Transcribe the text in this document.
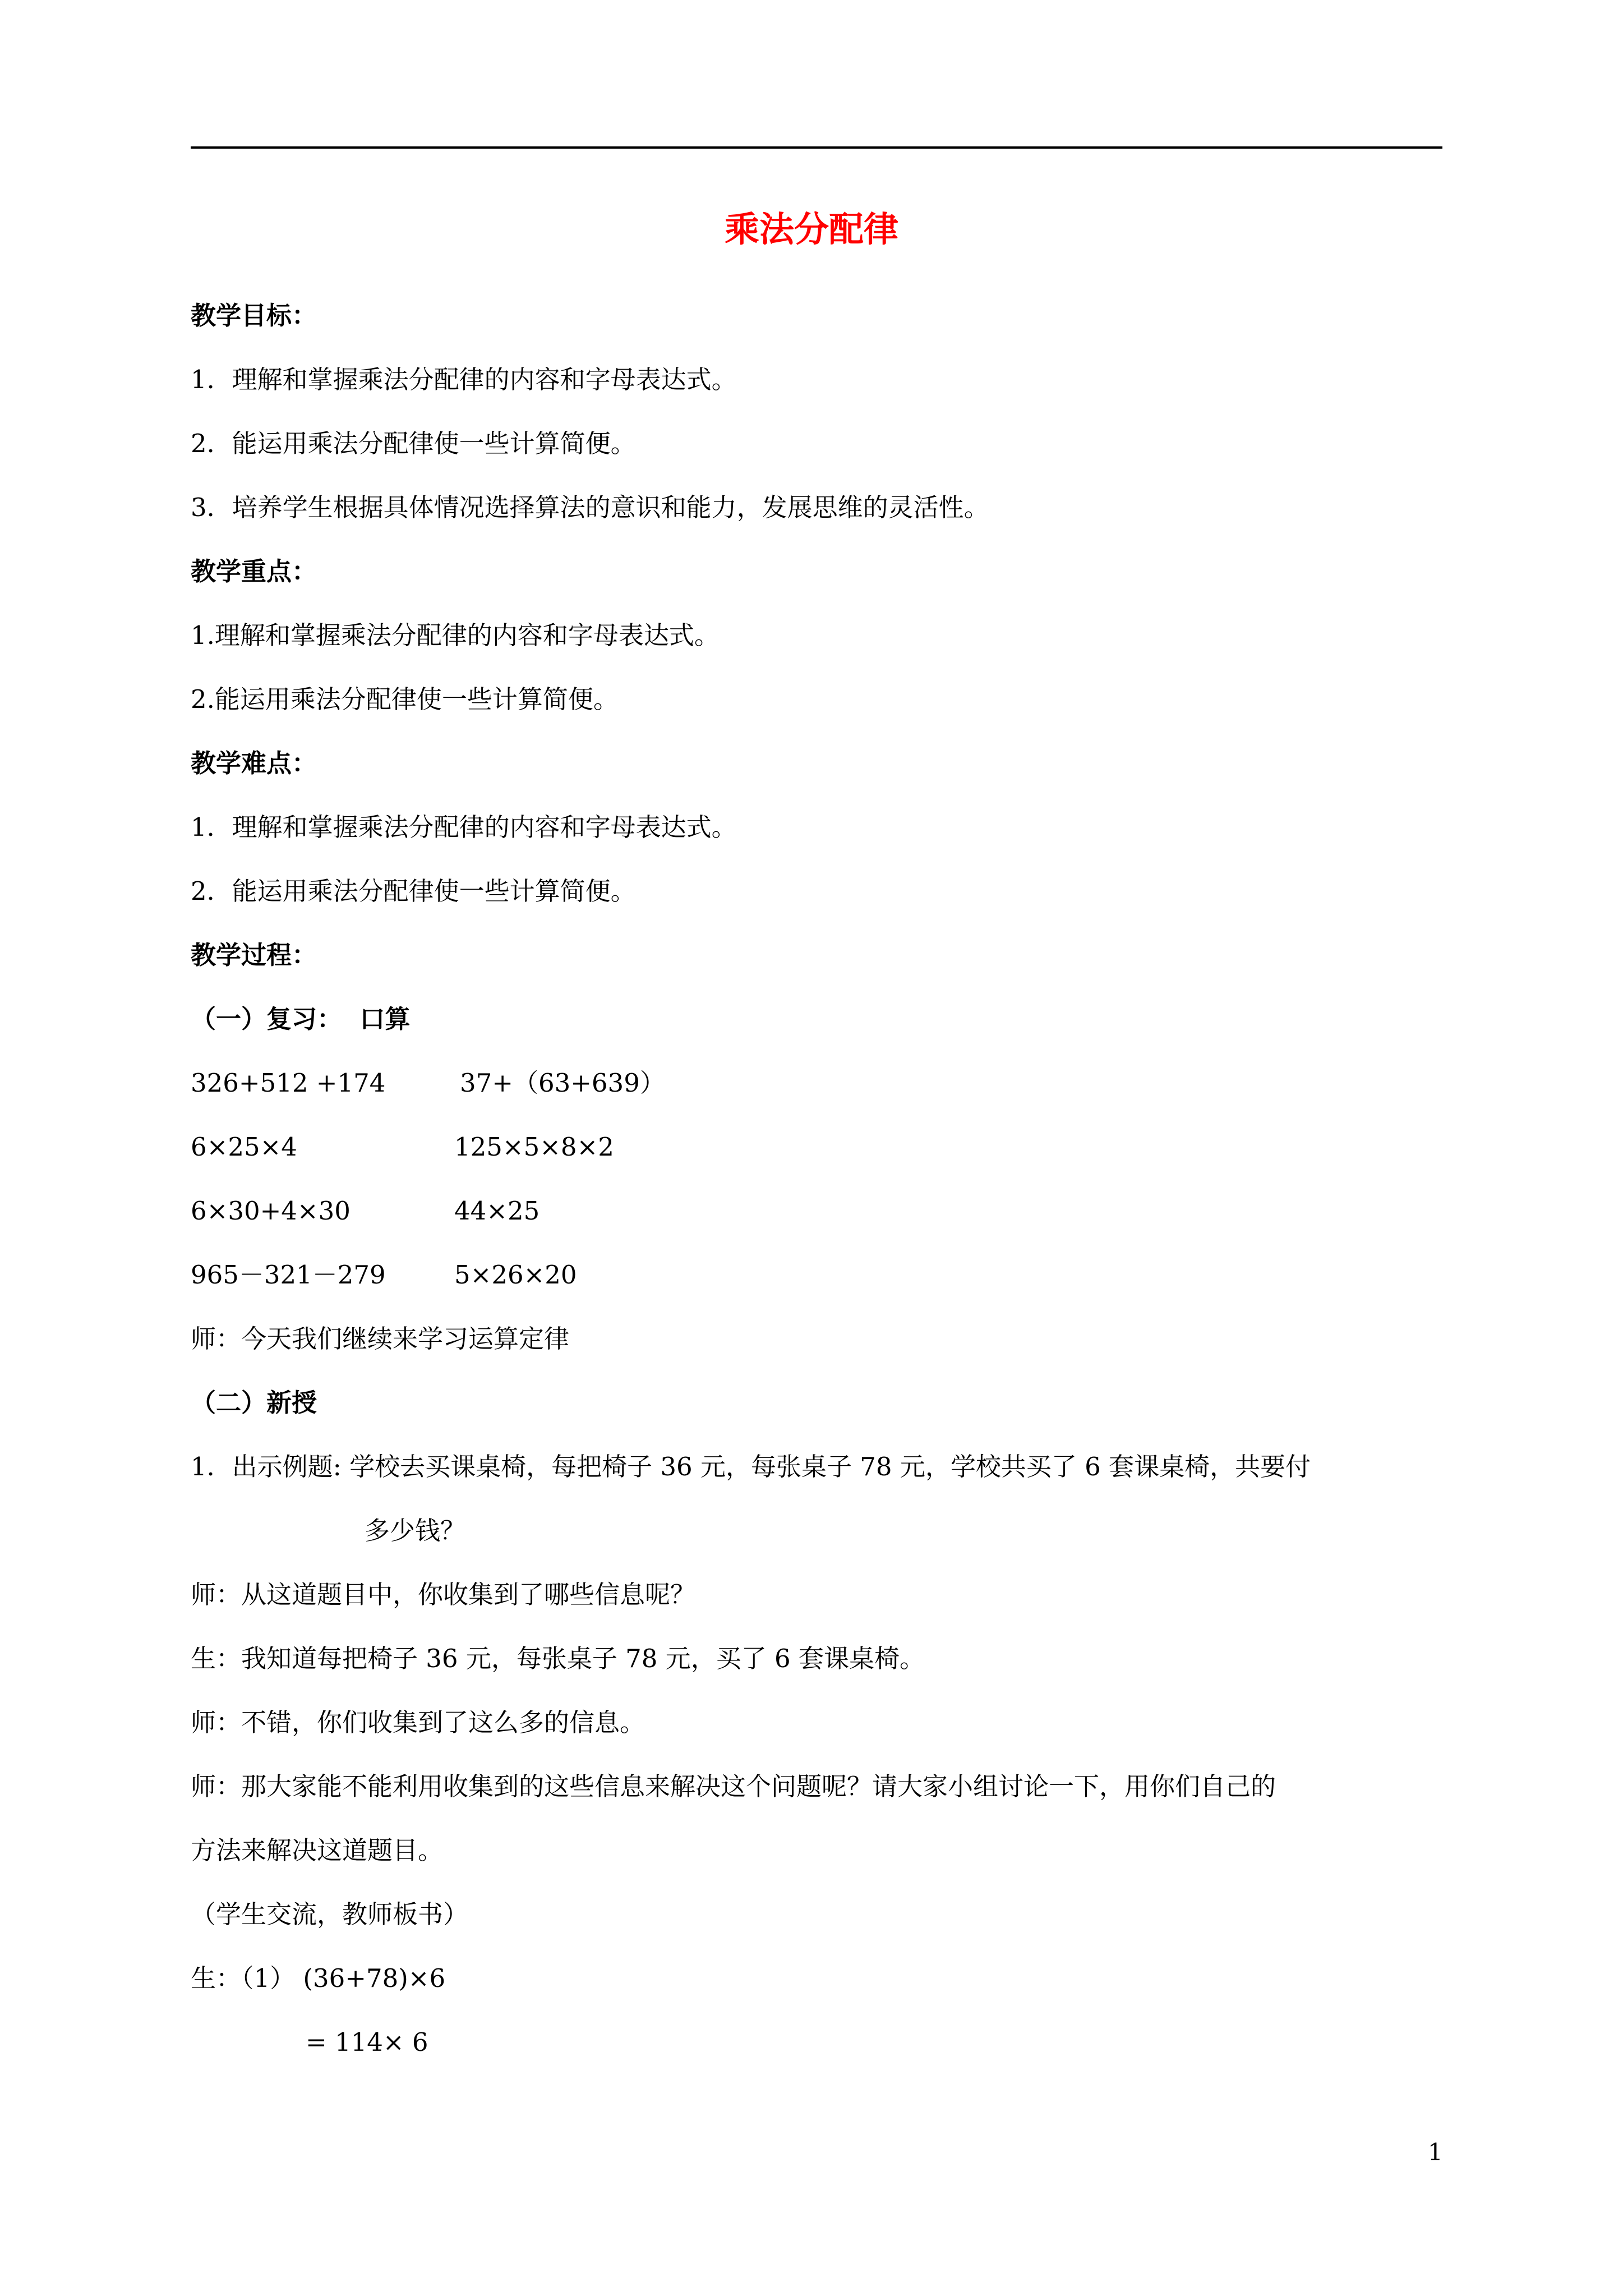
乘法分配律
教学目标：
1．理解和掌握乘法分配律的内容和字母表达式。
2．能运用乘法分配律使一些计算简便。
3．培养学生根据具体情况选择算法的意识和能力，发展思维的灵活性。
教学重点：
1.理解和掌握乘法分配律的内容和字母表达式。
2.能运用乘法分配律使一些计算简便。
教学难点：
1．理解和掌握乘法分配律的内容和字母表达式。
2．能运用乘法分配律使一些计算简便。
教学过程：
（一）复习：  口算
326+512 +174	37+（63+639）
6×25×4	125×5×8×2
6×30+4×30	44×25
965－321－279	5×26×20
师：今天我们继续来学习运算定律
（二）新授
1．出示例题: 学校去买课桌椅，每把椅子 36 元，每张桌子 78 元，学校共买了 6 套课桌椅，共要付
多少钱？
师：从这道题目中，你收集到了哪些信息呢？
生：我知道每把椅子 36 元，每张桌子 78 元，买了 6 套课桌椅。
师：不错，你们收集到了这么多的信息。
师：那大家能不能利用收集到的这些信息来解决这个问题呢？请大家小组讨论一下，用你们自己的
方法来解决这道题目。
（学生交流，教师板书）
生：（1） (36+78)×6
= 114× 6
1
